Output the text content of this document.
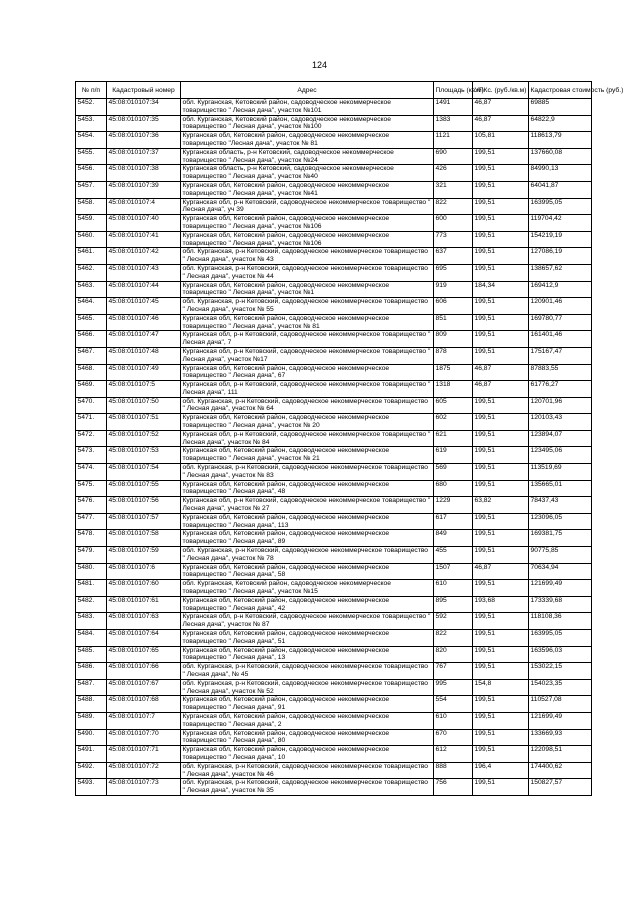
124
№ п/п	Кадастровый номер	Адрес	Площадь (кв.м)	УПКс. (руб./кв.м)	Кадастровая стоимость (руб.)
5452.	45:08:010107:34	обл. Курганская, Кетовский район, садоводческое некоммерческое товарищество " Лесная дача", участок №101	1491	46,87	69885
5453.	45:08:010107:35	обл. Курганская, Кетовский район, садоводческое некоммерческое товарищество " Лесная дача", участок №100	1383	46,87	64822,9
5454.	45:08:010107:36	Курганская обл, Кетовский район, садоводческое некоммерческое товарищество "Лесная дача", участок № 81	1121	105,81	118613,79
5455.	45:08:010107:37	Курганская область, р-н Кетовский, садоводческое некоммерческое товарищество " Лесная дача", участок №24	690	199,51	137660,08
5456.	45:08:010107:38	Курганская область, р-н Кетовский, садоводческое некоммерческое товарищество " Лесная дача", участок №40	426	199,51	84990,13
5457.	45:08:010107:39	Курганская обл, Кетовский район, садоводческое некоммерческое товарищество " Лесная дача", участок №41	321	199,51	64041,87
5458.	45:08:010107:4	Курганская обл, р-н Кетовский, садоводческое некоммерческое товарищество " Лесная дача", уч 39	822	199,51	163995,05
5459.	45:08:010107:40	Курганская обл, Кетовский район, садоводческое некоммерческое товарищество " Лесная дача", участок №106	600	199,51	119704,42
5460.	45:08:010107:41	Курганская обл, Кетовский район, садоводческое некоммерческое товарищество " Лесная дача", участок №106	773	199,51	154219,19
5461.	45:08:010107:42	обл. Курганская, р-н Кетовский, садоводческое некоммерческое товарищество " Лесная дача", участок № 43	637	199,51	127086,19
5462.	45:08:010107:43	обл. Курганская, р-н Кетовский, садоводческое некоммерческое товарищество " Лесная дача", участок № 44	695	199,51	138657,62
5463.	45:08:010107:44	Курганская обл, Кетовский район, садоводческое некоммерческое товарищество " Лесная дача", участок №1	919	184,34	169412,9
5464.	45:08:010107:45	обл. Курганская, р-н Кетовский, садоводческое некоммерческое товарищество " Лесная дача", участок № 55	606	199,51	120901,46
5465.	45:08:010107:46	Курганская обл, Кетовский район, садоводческое некоммерческое товарищество " Лесная дача", участок № 81	851	199,51	169780,77
5466.	45:08:010107:47	Курганская обл, р-н Кетовский, садоводческое некоммерческое товарищество " Лесная дача", 7	809	199,51	161401,46
5467.	45:08:010107:48	Курганская обл, р-н Кетовский, садоводческое некоммерческое товарищество " Лесная дача", участок №17	878	199,51	175167,47
5468.	45:08:010107:49	Курганская обл, Кетовский район, садоводческое некоммерческое товарищество " Лесная дача", 67	1875	46,87	87883,55
5469.	45:08:010107:5	Курганская обл, р-н Кетовский, садоводческое некоммерческое товарищество " Лесная дача", 111	1318	46,87	61776,27
5470.	45:08:010107:50	обл. Курганская, р-н Кетовский, садоводческое некоммерческое товарищество " Лесная дача", участок № 64	605	199,51	120701,96
5471.	45:08:010107:51	Курганская обл, Кетовский район, садоводческое некоммерческое товарищество " Лесная дача", участок № 20	602	199,51	120103,43
5472.	45:08:010107:52	Курганская обл, р-н Кетовский, садоводческое некоммерческое товарищество " Лесная дача", участок № 84	621	199,51	123894,07
5473.	45:08:010107:53	Курганская обл, Кетовский район, садоводческое некоммерческое товарищество " Лесная дача", участок № 21	619	199,51	123495,06
5474.	45:08:010107:54	обл. Курганская, р-н Кетовский, садоводческое некоммерческое товарищество " Лесная дача", участок № 83	569	199,51	113519,69
5475.	45:08:010107:55	Курганская обл, Кетовский район, садоводческое некоммерческое товарищество " Лесная дача", 48	680	199,51	135665,01
5476.	45:08:010107:56	Курганская обл, р-н Кетовский, садоводческое некоммерческое товарищество " Лесная дача", участок № 27	1229	63,82	78437,43
5477.	45:08:010107:57	Курганская обл, Кетовский район, садоводческое некоммерческое товарищество " Лесная дача", 113	617	199,51	123096,05
5478.	45:08:010107:58	Курганская обл, Кетовский район, садоводческое некоммерческое товарищество " Лесная дача", 89	849	199,51	169381,75
5479.	45:08:010107:59	обл. Курганская, р-н Кетовский, садоводческое некоммерческое товарищество " Лесная дача", участок № 78	455	199,51	90775,85
5480.	45:08:010107:6	Курганская обл, Кетовский район, садоводческое некоммерческое товарищество " Лесная дача", 58	1507	46,87	70634,94
5481.	45:08:010107:60	обл. Курганская, Кетовский район, садоводческое некоммерческое товарищество " Лесная дача", участок №15	610	199,51	121699,49
5482.	45:08:010107:61	Курганская обл, Кетовский район, садоводческое некоммерческое товарищество " Лесная дача", 42	895	193,68	173339,68
5483.	45:08:010107:63	Курганская обл, р-н Кетовский, садоводческое некоммерческое товарищество " Лесная дача", участок № 87	592	199,51	118108,36
5484.	45:08:010107:64	Курганская обл, Кетовский район, садоводческое некоммерческое товарищество " Лесная дача", 51	822	199,51	163995,05
5485.	45:08:010107:65	Курганская обл, Кетовский район, садоводческое некоммерческое товарищество " Лесная дача", 13	820	199,51	163596,03
5486.	45:08:010107:66	обл. Курганская, р-н Кетовский, садоводческое некоммерческое товарищество " Лесная дача", № 45	767	199,51	153022,15
5487.	45:08:010107:67	обл. Курганская, р-н Кетовский, садоводческое некоммерческое товарищество " Лесная дача", участок № 52	995	154,8	154023,35
5488.	45:08:010107:68	Курганская обл, Кетовский район, садоводческое некоммерческое товарищество " Лесная дача", 91	554	199,51	110527,08
5489.	45:08:010107:7	Курганская обл, Кетовский район, садоводческое некоммерческое товарищество " Лесная дача", 2	610	199,51	121699,49
5490.	45:08:010107:70	Курганская обл, Кетовский район, садоводческое некоммерческое товарищество " Лесная дача", 80	670	199,51	133669,93
5491.	45:08:010107:71	Курганская обл, Кетовский район, садоводческое некоммерческое товарищество " Лесная дача", 10	612	199,51	122098,51
5492.	45:08:010107:72	обл. Курганская, р-н Кетовский, садоводческое некоммерческое товарищество " Лесная дача", участок № 46	888	196,4	174400,62
5493.	45:08:010107:73	обл. Курганская, р-н Кетовский, садоводческое некоммерческое товарищество " Лесная дача", участок № 35	756	199,51	150827,57
